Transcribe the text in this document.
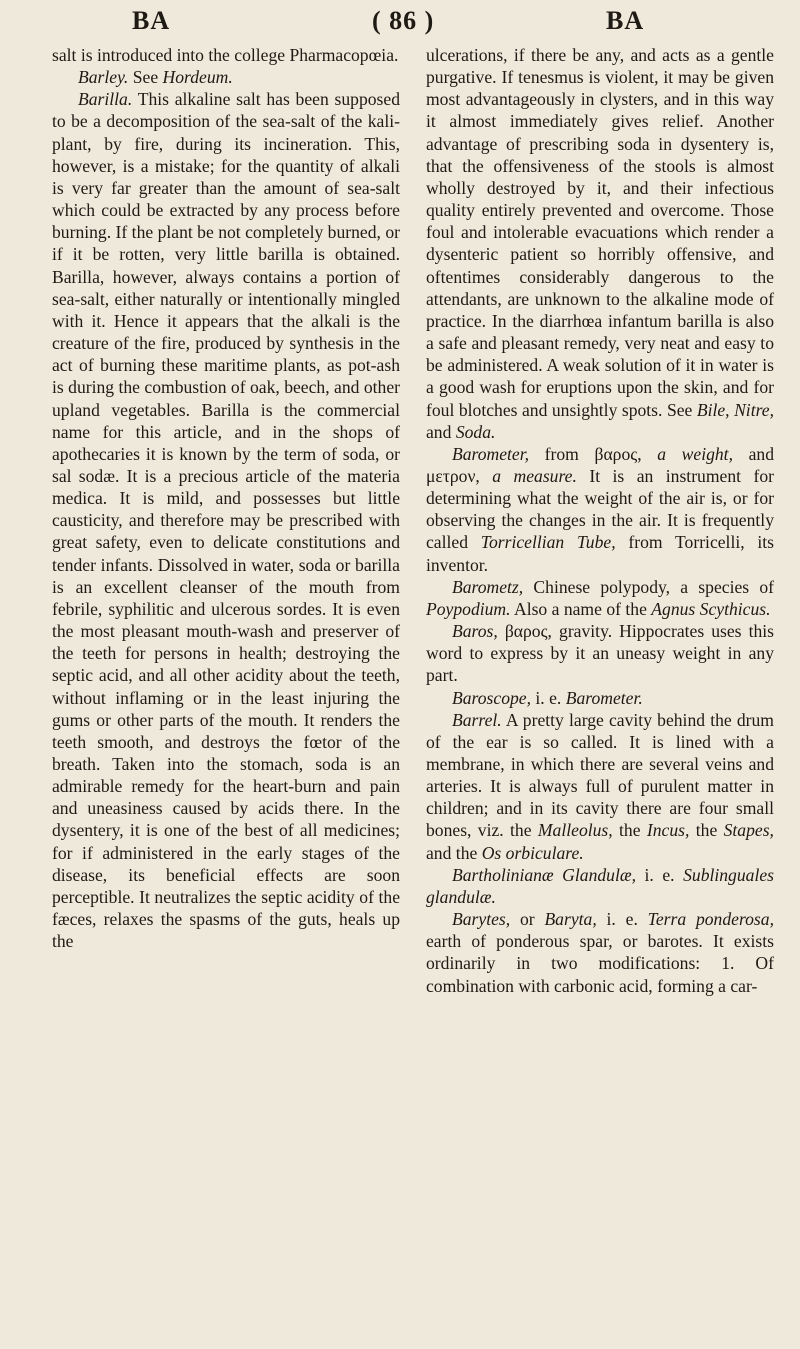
BA	( 86 )	BA

salt is introduced into the college Pharmacopœia.

Barley. See Hordeum.

Barilla. This alkaline salt has been supposed to be a decomposition of the sea-salt of the kali-plant, by fire, during its incineration. This, however, is a mistake; for the quantity of alkali is very far greater than the amount of sea-salt which could be extracted by any process before burning. If the plant be not completely burned, or if it be rotten, very little barilla is obtained. Barilla, however, always contains a portion of sea-salt, either naturally or intentionally mingled with it. Hence it appears that the alkali is the creature of the fire, produced by synthesis in the act of burning these maritime plants, as pot-ash is during the combustion of oak, beech, and other upland vegetables. Barilla is the commercial name for this article, and in the shops of apothecaries it is known by the term of soda, or sal sodæ. It is a precious article of the materia medica. It is mild, and possesses but little causticity, and therefore may be prescribed with great safety, even to delicate constitutions and tender infants. Dissolved in water, soda or barilla is an excellent cleanser of the mouth from febrile, syphilitic and ulcerous sordes. It is even the most pleasant mouth-wash and preserver of the teeth for persons in health; destroying the septic acid, and all other acidity about the teeth, without inflaming or in the least injuring the gums or other parts of the mouth. It renders the teeth smooth, and destroys the fœtor of the breath. Taken into the stomach, soda is an admirable remedy for the heart-burn and pain and uneasiness caused by acids there. In the dysentery, it is one of the best of all medicines; for if administered in the early stages of the disease, its beneficial effects are soon perceptible. It neutralizes the septic acidity of the fæces, relaxes the spasms of the guts, heals up the

ulcerations, if there be any, and acts as a gentle purgative. If tenesmus is violent, it may be given most advantageously in clysters, and in this way it almost immediately gives relief. Another advantage of prescribing soda in dysentery is, that the offensiveness of the stools is almost wholly destroyed by it, and their infectious quality entirely prevented and overcome. Those foul and intolerable evacuations which render a dysenteric patient so horribly offensive, and oftentimes considerably dangerous to the attendants, are unknown to the alkaline mode of practice. In the diarrhœa infantum barilla is also a safe and pleasant remedy, very neat and easy to be administered. A weak solution of it in water is a good wash for eruptions upon the skin, and for foul blotches and unsightly spots. See Bile, Nitre, and Soda.

Barometer, from βαρος, a weight, and μετρον, a measure. It is an instrument for determining what the weight of the air is, or for observing the changes in the air. It is frequently called Torricellian Tube, from Torricelli, its inventor.

Barometz, Chinese polypody, a species of Poypodium. Also a name of the Agnus Scythicus.

Baros, βαρος, gravity. Hippocrates uses this word to express by it an uneasy weight in any part.

Baroscope, i. e. Barometer.

Barrel. A pretty large cavity behind the drum of the ear is so called. It is lined with a membrane, in which there are several veins and arteries. It is always full of purulent matter in children; and in its cavity there are four small bones, viz. the Malleolus, the Incus, the Stapes, and the Os orbiculare.

Bartholinianæ Glandulæ, i. e. Sublinguales glandulæ.

Barytes, or Baryta, i. e. Terra ponderosa, earth of ponderous spar, or barotes. It exists ordinarily in two modifications: 1. Of combination with carbonic acid, forming a car-
